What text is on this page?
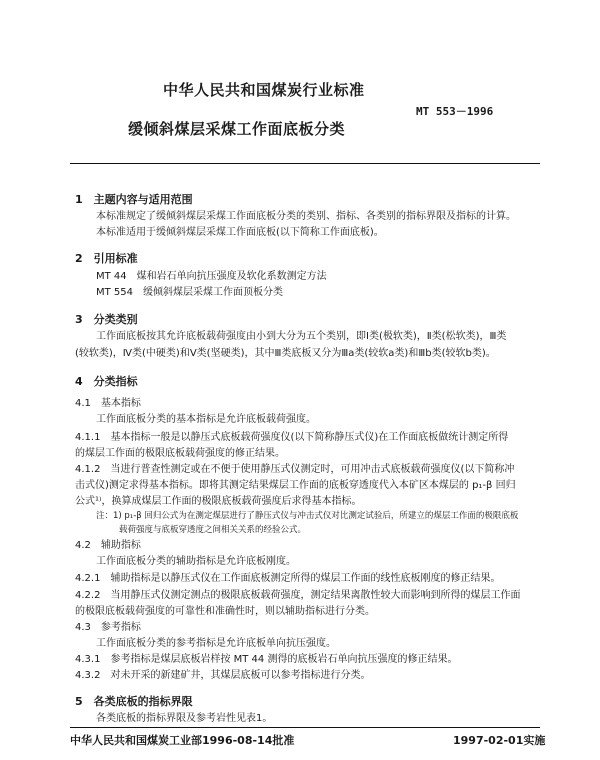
中华人民共和国煤炭行业标准
MT 553－1996
缓倾斜煤层采煤工作面底板分类
1　主题内容与适用范围
本标准规定了缓倾斜煤层采煤工作面底板分类的类别、指标、各类别的指标界限及指标的计算。
本标准适用于缓倾斜煤层采煤工作面底板(以下简称工作面底板)。
2　引用标准
MT 44　煤和岩石单向抗压强度及软化系数测定方法
MT 554　缓倾斜煤层采煤工作面顶板分类
3　分类类别
工作面底板按其允许底板载荷强度由小到大分为五个类别，即Ⅰ类(极软类)，Ⅱ类(松软类)，Ⅲ类
(较软类)，Ⅳ类(中硬类)和Ⅴ类(坚硬类)，其中Ⅲ类底板又分为Ⅲa类(较软a类)和Ⅲb类(较软b类)。
4　分类指标
4.1　基本指标
工作面底板分类的基本指标是允许底板载荷强度。
4.1.1　基本指标一般是以静压式底板载荷强度仪(以下简称静压式仪)在工作面底板做统计测定所得
的煤层工作面的极限底板载荷强度的修正结果。
4.1.2　当进行普查性测定或在不便于使用静压式仪测定时，可用冲击式底板载荷强度仪(以下简称冲
击式仪)测定求得基本指标。即将其测定结果煤层工作面的底板穿透度代入本矿区本煤层的 p₁-β 回归
公式¹⁾，换算成煤层工作面的极限底板载荷强度后求得基本指标。
注：1) p₁-β 回归公式为在测定煤层进行了静压式仪与冲击式仪对比测定试验后，所建立的煤层工作面的极限底板
载荷强度与底板穿透度之间相关关系的经验公式。
4.2　辅助指标
工作面底板分类的辅助指标是允许底板刚度。
4.2.1　辅助指标是以静压式仪在工作面底板测定所得的煤层工作面的线性底板刚度的修正结果。
4.2.2　当用静压式仪测定测点的极限底板载荷强度，测定结果离散性较大而影响到所得的煤层工作面
的极限底板载荷强度的可靠性和准确性时，则以辅助指标进行分类。
4.3　参考指标
工作面底板分类的参考指标是允许底板单向抗压强度。
4.3.1　参考指标是煤层底板岩样按 MT 44 测得的底板岩石单向抗压强度的修正结果。
4.3.2　对未开采的新建矿井，其煤层底板可以参考指标进行分类。
5　各类底板的指标界限
各类底板的指标界限及参考岩性见表1。
中华人民共和国煤炭工业部1996-08-14批准	1997-02-01实施
